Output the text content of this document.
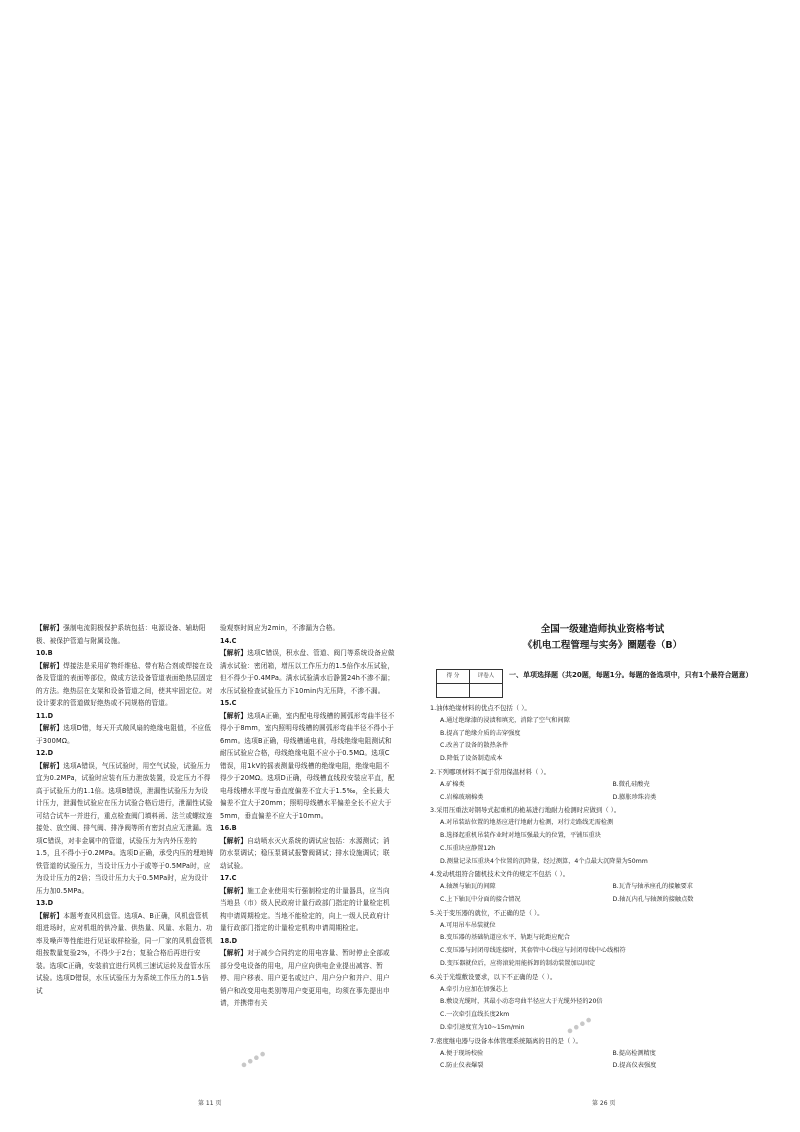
【解析】强制电流阴极保护系统包括：电源设备、辅助阳极、被保护管道与附属设施。

10.B

【解析】焊接法是采用矿物纤维毡、带有粘合剂或焊接在设备及管道的表面等部位，做成方法设备管道表面绝热层固定的方法。绝热层在支架和设备管道之间，使其牢固定位。对设计要求的管道做好绝热或不同规格的管道。

11.D

【解析】选项D错，每天开式敞风扇的绝缘电阻值，不应低于300MΩ。

12.D

【解析】选项A错误，气压试验时，用空气试验，试验压力宜为0.2MPa，试验时应装有压力泄放装置，设定压力不得高于试验压力的1.1倍。选项B错误，泄漏性试验压力为设计压力，泄漏性试验应在压力试验合格后进行，泄漏性试验可结合试车一并进行，重点检查阀门填料函、法兰或螺纹连接处、放空阀、排气阀、排净阀等所有密封点应无泄漏。选项C错误，对非金属中的管道，试验压力为内外压差的1.5，且不得小于0.2MPa。选项D正确，承受内压的埋地铸铁管道的试验压力，当设计压力小于或等于0.5MPa时，应为设计压力的2倍；当设计压力大于0.5MPa时，应为设计压力加0.5MPa。

13.D

【解析】本题考查风机盘管。选项A、B正确，风机盘管机组进场时，应对机组的供冷量、供热量、风量、水阻力、功率及噪声等性能进行见证取样检验，同一厂家的风机盘管机组按数量复验2%，不得少于2台；复验合格后再进行安装。选项C正确，安装前宜进行风机三速试运转及盘管水压试验。选项D错误，水压试验压力为系统工作压力的1.5倍试

验观察时间应为2min，不渗漏为合格。

14.C

【解析】选项C错误，积水盘、管道、阀门等系统设备应做满水试验：密闭箱，增压以工作压力的1.5倍作水压试验，但不得少于0.4MPa。满水试验满水后静置24h不渗不漏；水压试验检查试验压力下10min内无压降，不渗不漏。

15.C

【解析】选项A正确，室内配电母线槽的圆弧形弯曲半径不得小于8mm，室内照明母线槽的圆弧形弯曲半径不得小于6mm。选项B正确，母线槽通电前，母线绝缘电阻测试和耐压试验应合格，母线绝缘电阻不应小于0.5MΩ。选项C错误，用1kV的摇表测量母线槽的绝缘电阻，绝缘电阻不得少于20MΩ。选项D正确，母线槽直线段安装应平直，配电母线槽水平度与垂直度偏差不宜大于1.5‰，全长最大偏差不宜大于20mm；照明母线槽水平偏差全长不应大于5mm，垂直偏差不应大于10mm。

16.B

【解析】自动喷水灭火系统的调试应包括：水源测试；消防水泵调试；稳压泵调试报警阀调试；排水设施调试；联动试验。

17.C

【解析】施工企业使用实行强制检定的计量器具，应当向当地县（市）级人民政府计量行政部门指定的计量检定机构申请周期检定。当地不能检定的，向上一级人民政府计量行政部门指定的计量检定机构申请周期检定。

18.D

【解析】对于减少合同约定的用电容量、暂时停止全部或部分受电设备的用电，用户应向供电企业提出减容、暂停、用户移表、用户更名或过户、用户分户和并户、用户销户和改变用电类别等用户变更用电，均须在事先提出申请，并携带有关

第 11 页
● ● ● ●

全国一级建造师执业资格考试

《机电工程管理与实务》圈题卷（B）

得 分	评卷人
	一、单项选择题（共20题，每题1分。每题的备选项中，只有1个最符合题意）

1.油体绝缘材料的优点不包括（ ）。

A.通过绝缘漆的浸渍和填充，消除了空气和间隙

B.提高了绝缘介质的击穿强度

C.改善了设备的散热条件

D.降低了设备制造成本

2.下列哪项材料不属于常用保温材料（ ）。

A.矿棉类	B.微孔硅酸壳
C.岩棉玻璃棉类	D.膨胀珍珠岩类

3.采用压重法对钢导式起重机的桅基进行地耐力检测时应做到（ ）。

A.对吊装站位置的地基应进行地耐力检测，对行走路线无需检测

B.选择起重机吊装作业时对地压强最大的位置，平铺压重块

C.压重块应静置12h

D.测量记录压重块4个位置的沉降量，经过测算，4个点最大沉降量为50mm

4.发动机组符合随机技术文件的规定不包括（ ）。

A.轴颈与轴瓦的间隙	B.瓦背与轴承座孔的接触要求
C.上下轴瓦中分面的接合情况	D.轴瓦内孔与轴颈的接触点数

5.关于变压器的就位，不正确的是（ ）。

A.可用吊车吊装就位

B.变压器的基础轨道应水平、轨距与轮距应配合

C.变压器与封闭母线连接时，其套管中心线应与封闭母线中心线相符

D.变压器就位后，应将滚轮用能拆卸的制动装置加以固定

6.关于光缆敷设要求，以下不正确的是（ ）。

A.牵引力应加在加强芯上

B.敷设光缆时，其最小动态弯曲半径应大于光缆外径的20倍

C.一次牵引直线长度2km

D.牵引速度宜为10~15m/min

7.密度继电器与设备本体管理系统隔离的目的是（ ）。

A.便于现场校验	B.提高检测精度
C.防止仪表爆裂	D.提高仪表强度
第 26 页
● ● ● ●
